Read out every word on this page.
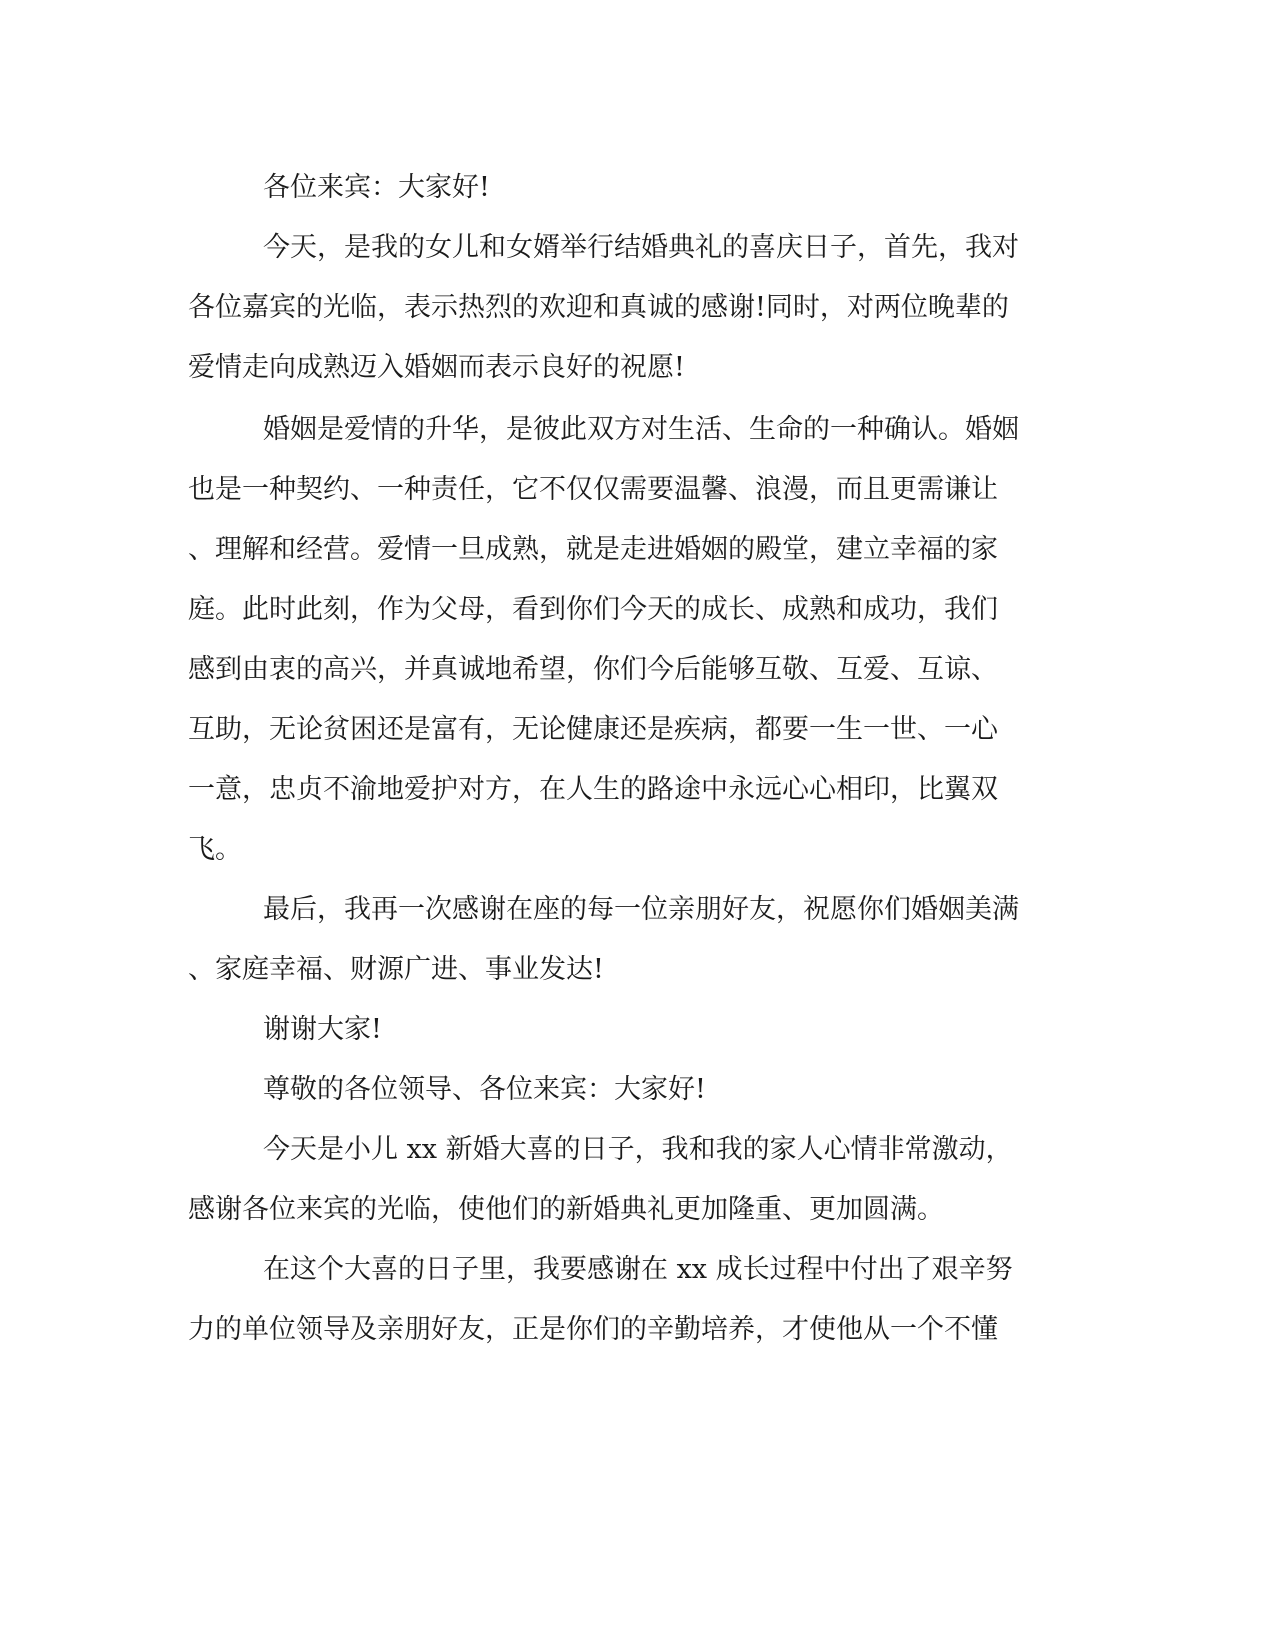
各位来宾：大家好!
今天，是我的女儿和女婿举行结婚典礼的喜庆日子，首先，我对
各位嘉宾的光临，表示热烈的欢迎和真诚的感谢!同时，对两位晚辈的
爱情走向成熟迈入婚姻而表示良好的祝愿!
婚姻是爱情的升华，是彼此双方对生活、生命的一种确认。婚姻
也是一种契约、一种责任，它不仅仅需要温馨、浪漫，而且更需谦让
、理解和经营。爱情一旦成熟，就是走进婚姻的殿堂，建立幸福的家
庭。此时此刻，作为父母，看到你们今天的成长、成熟和成功，我们
感到由衷的高兴，并真诚地希望，你们今后能够互敬、互爱、互谅、
互助，无论贫困还是富有，无论健康还是疾病，都要一生一世、一心
一意，忠贞不渝地爱护对方，在人生的路途中永远心心相印，比翼双
飞。
最后，我再一次感谢在座的每一位亲朋好友，祝愿你们婚姻美满
、家庭幸福、财源广进、事业发达!
谢谢大家!
尊敬的各位领导、各位来宾：大家好!
今天是小儿 xx 新婚大喜的日子，我和我的家人心情非常激动，
感谢各位来宾的光临，使他们的新婚典礼更加隆重、更加圆满。
在这个大喜的日子里，我要感谢在 xx 成长过程中付出了艰辛努
力的单位领导及亲朋好友，正是你们的辛勤培养，才使他从一个不懂
